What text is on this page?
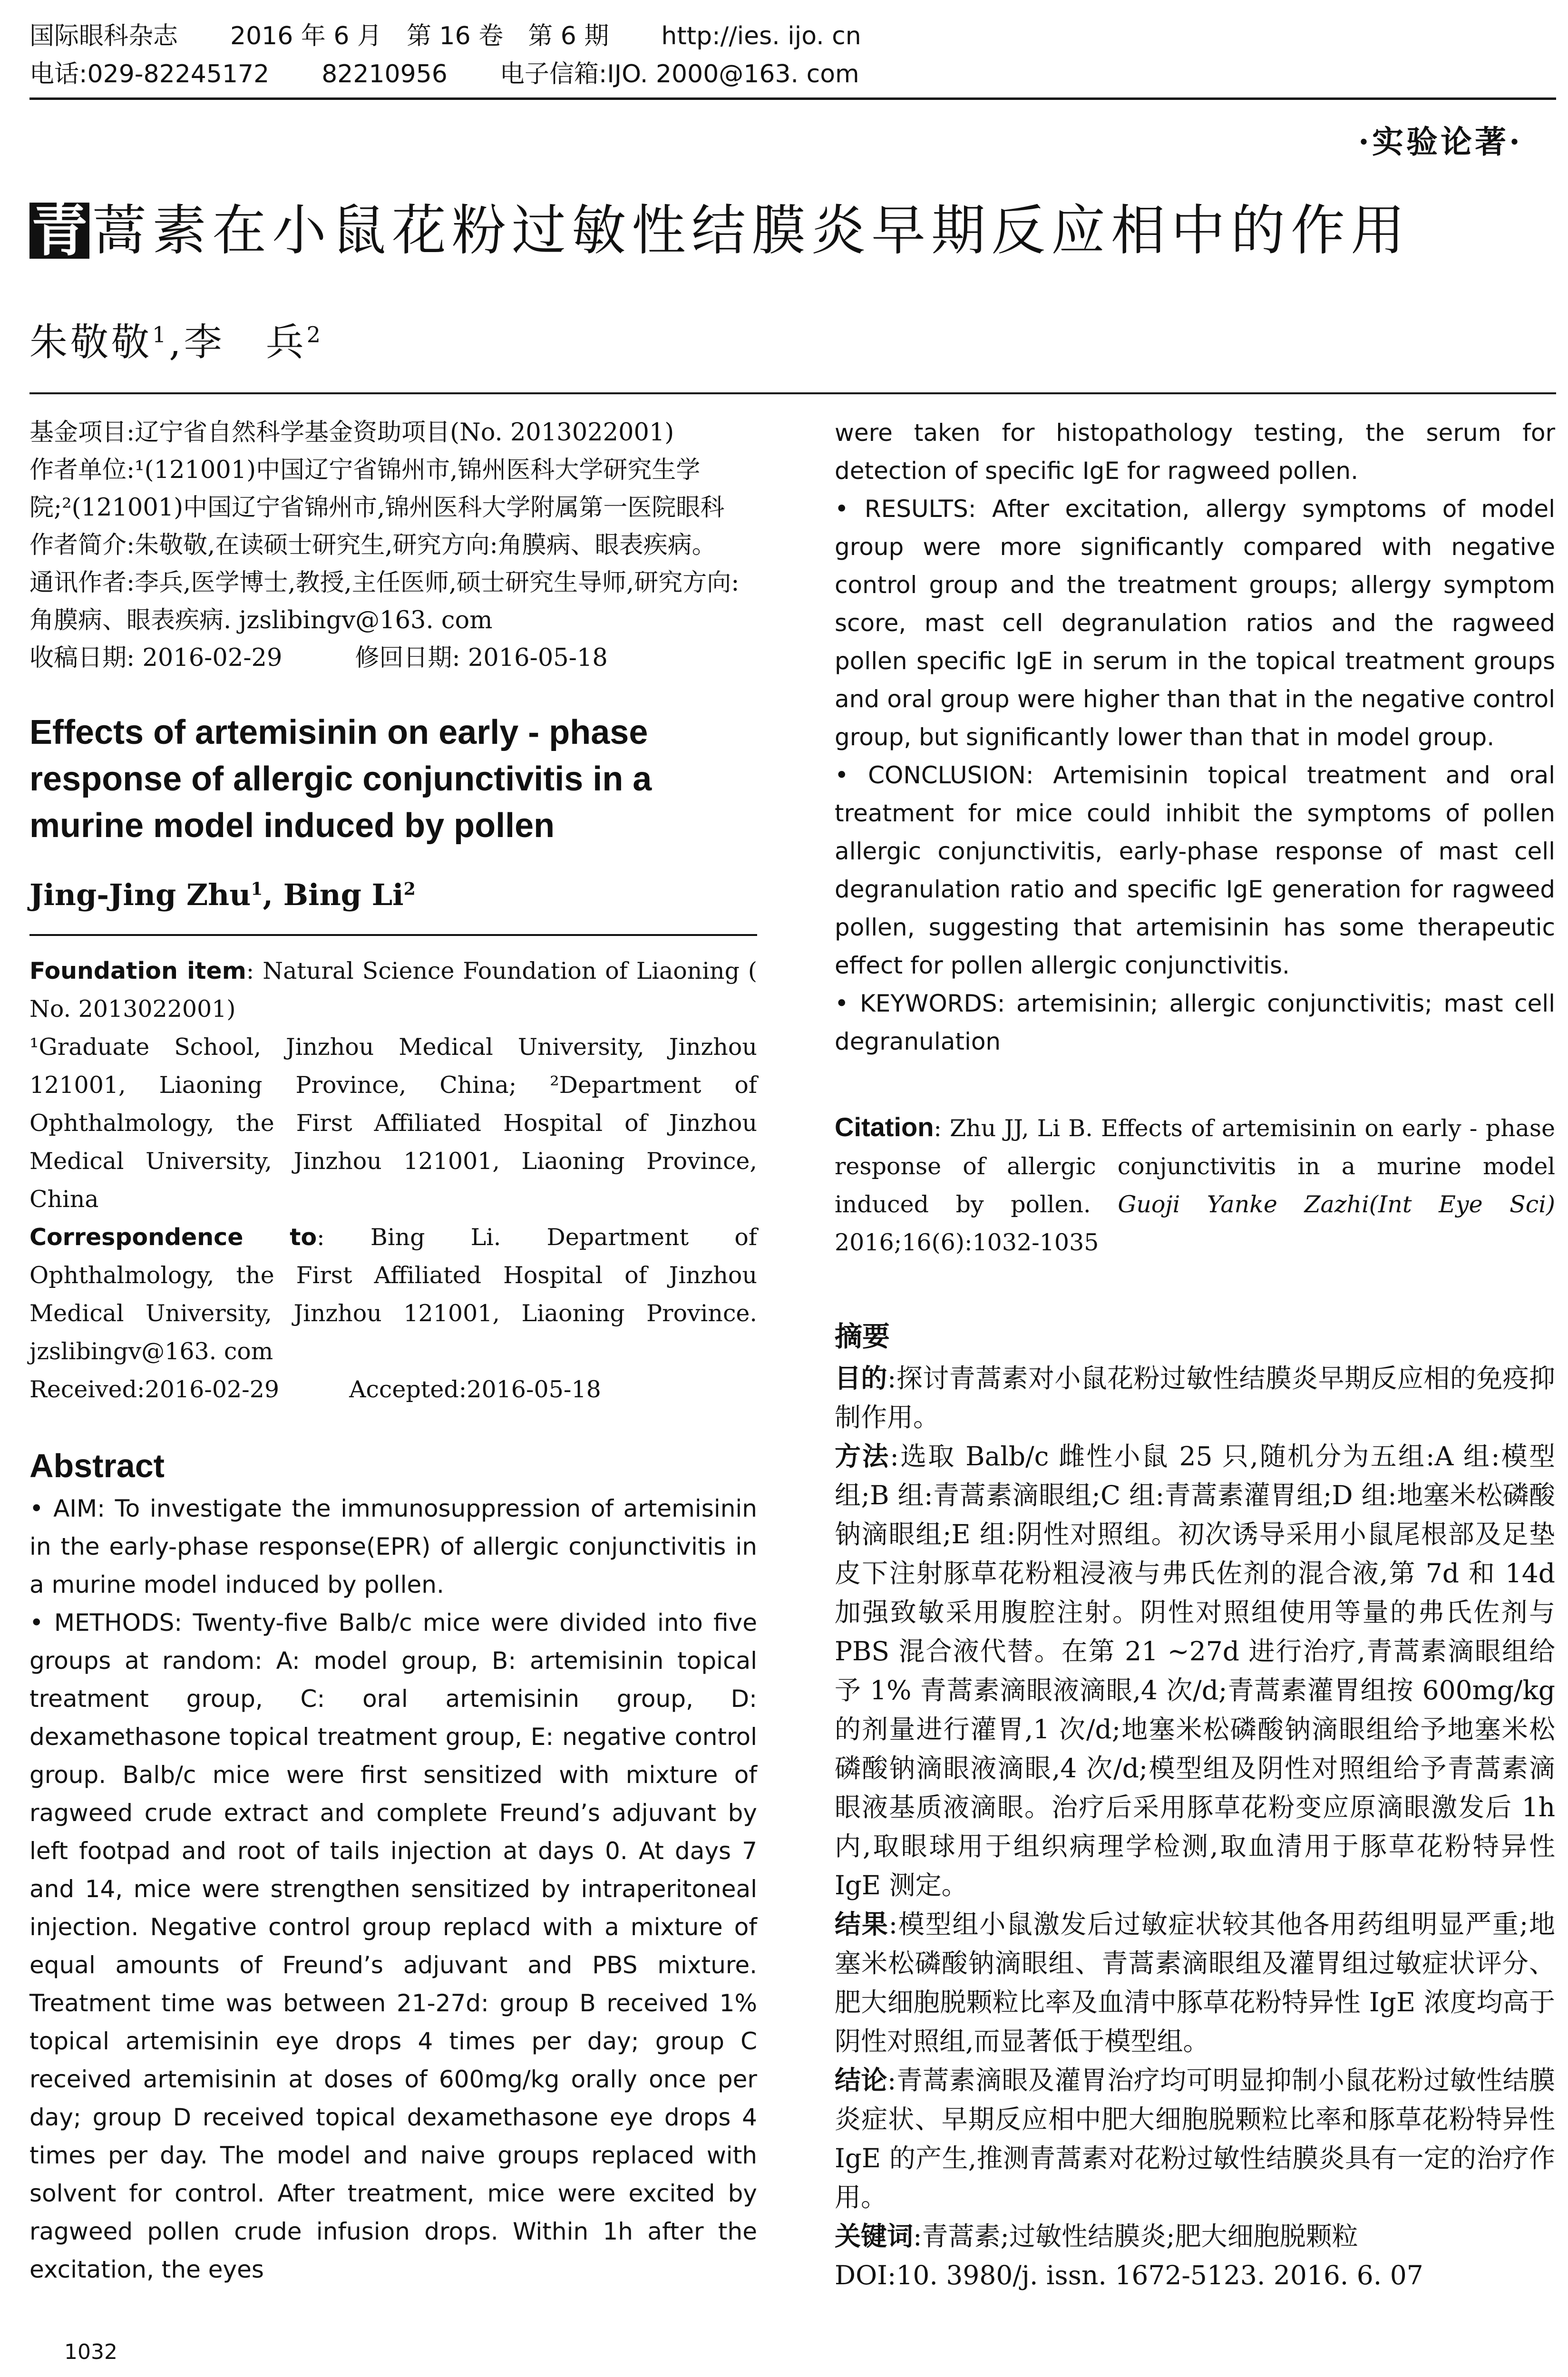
国际眼科杂志 2016 年 6 月　第 16 卷　第 6 期 http://ies. ijo. cn
电话:029-82245172 82210956 电子信箱:IJO. 2000@163. com
·实验论著·
青 蒿素在小鼠花粉过敏性结膜炎早期反应相中的作用
朱敬敬$^1$,李　兵$^2$

基金项目:辽宁省自然科学基金资助项目(No. 2013022001)

作者单位:¹(121001)中国辽宁省锦州市,锦州医科大学研究生学院;²(121001)中国辽宁省锦州市,锦州医科大学附属第一医院眼科

作者简介:朱敬敬,在读硕士研究生,研究方向:角膜病、眼表疾病。

通讯作者:李兵,医学博士,教授,主任医师,硕士研究生导师,研究方向:角膜病、眼表疾病. jzslibingv@163. com

收稿日期: 2016-02-29　　　修回日期: 2016-05-18

Effects of artemisinin on early - phase response of allergic conjunctivitis in a murine model induced by pollen

Jing-Jing Zhu$^1$, Bing Li$^2$

Foundation item: Natural Science Foundation of Liaoning ( No. 2013022001)

¹Graduate School, Jinzhou Medical University, Jinzhou 121001, Liaoning Province, China; ²Department of Ophthalmology, the First Affiliated Hospital of Jinzhou Medical University, Jinzhou 121001, Liaoning Province, China

Correspondence to: Bing Li. Department of Ophthalmology, the First Affiliated Hospital of Jinzhou Medical University, Jinzhou 121001, Liaoning Province. jzslibingv@163. com

Received:2016-02-29　　　Accepted:2016-05-18

Abstract

• AIM: To investigate the immunosuppression of artemisinin in the early-phase response(EPR) of allergic conjunctivitis in a murine model induced by pollen.

• METHODS: Twenty-five Balb/c mice were divided into five groups at random: A: model group, B: artemisinin topical treatment group, C: oral artemisinin group, D: dexamethasone topical treatment group, E: negative control group. Balb/c mice were first sensitized with mixture of ragweed crude extract and complete Freund’s adjuvant by left footpad and root of tails injection at days 0. At days 7 and 14, mice were strengthen sensitized by intraperitoneal injection. Negative control group replacd with a mixture of equal amounts of Freund’s adjuvant and PBS mixture. Treatment time was between 21-27d: group B received 1% topical artemisinin eye drops 4 times per day; group C received artemisinin at doses of 600mg/kg orally once per day; group D received topical dexamethasone eye drops 4 times per day. The model and naive groups replaced with solvent for control. After treatment, mice were excited by ragweed pollen crude infusion drops. Within 1h after the excitation, the eyes

were taken for histopathology testing, the serum for detection of specific IgE for ragweed pollen.

• RESULTS: After excitation, allergy symptoms of model group were more significantly compared with negative control group and the treatment groups; allergy symptom score, mast cell degranulation ratios and the ragweed pollen specific IgE in serum in the topical treatment groups and oral group were higher than that in the negative control group, but significantly lower than that in model group.

• CONCLUSION: Artemisinin topical treatment and oral treatment for mice could inhibit the symptoms of pollen allergic conjunctivitis, early-phase response of mast cell degranulation ratio and specific IgE generation for ragweed pollen, suggesting that artemisinin has some therapeutic effect for pollen allergic conjunctivitis.

• KEYWORDS: artemisinin; allergic conjunctivitis; mast cell degranulation

Citation: Zhu JJ, Li B. Effects of artemisinin on early - phase response of allergic conjunctivitis in a murine model induced by pollen. Guoji Yanke Zazhi(Int Eye Sci) 2016;16(6):1032-1035

摘要

目的:探讨青蒿素对小鼠花粉过敏性结膜炎早期反应相的免疫抑制作用。

方法:选取 Balb/c 雌性小鼠 25 只,随机分为五组:A 组:模型组;B 组:青蒿素滴眼组;C 组:青蒿素灌胃组;D 组:地塞米松磷酸钠滴眼组;E 组:阴性对照组。初次诱导采用小鼠尾根部及足垫皮下注射豚草花粉粗浸液与弗氏佐剂的混合液,第 7d 和 14d 加强致敏采用腹腔注射。阴性对照组使用等量的弗氏佐剂与 PBS 混合液代替。在第 21 ~27d 进行治疗,青蒿素滴眼组给予 1% 青蒿素滴眼液滴眼,4 次/d;青蒿素灌胃组按 600mg/kg 的剂量进行灌胃,1 次/d;地塞米松磷酸钠滴眼组给予地塞米松磷酸钠滴眼液滴眼,4 次/d;模型组及阴性对照组给予青蒿素滴眼液基质液滴眼。治疗后采用豚草花粉变应原滴眼激发后 1h 内,取眼球用于组织病理学检测,取血清用于豚草花粉特异性 IgE 测定。

结果:模型组小鼠激发后过敏症状较其他各用药组明显严重;地塞米松磷酸钠滴眼组、青蒿素滴眼组及灌胃组过敏症状评分、肥大细胞脱颗粒比率及血清中豚草花粉特异性 IgE 浓度均高于阴性对照组,而显著低于模型组。

结论:青蒿素滴眼及灌胃治疗均可明显抑制小鼠花粉过敏性结膜炎症状、早期反应相中肥大细胞脱颗粒比率和豚草花粉特异性 IgE 的产生,推测青蒿素对花粉过敏性结膜炎具有一定的治疗作用。

关键词:青蒿素;过敏性结膜炎;肥大细胞脱颗粒

DOI:10. 3980/j. issn. 1672-5123. 2016. 6. 07

1032
